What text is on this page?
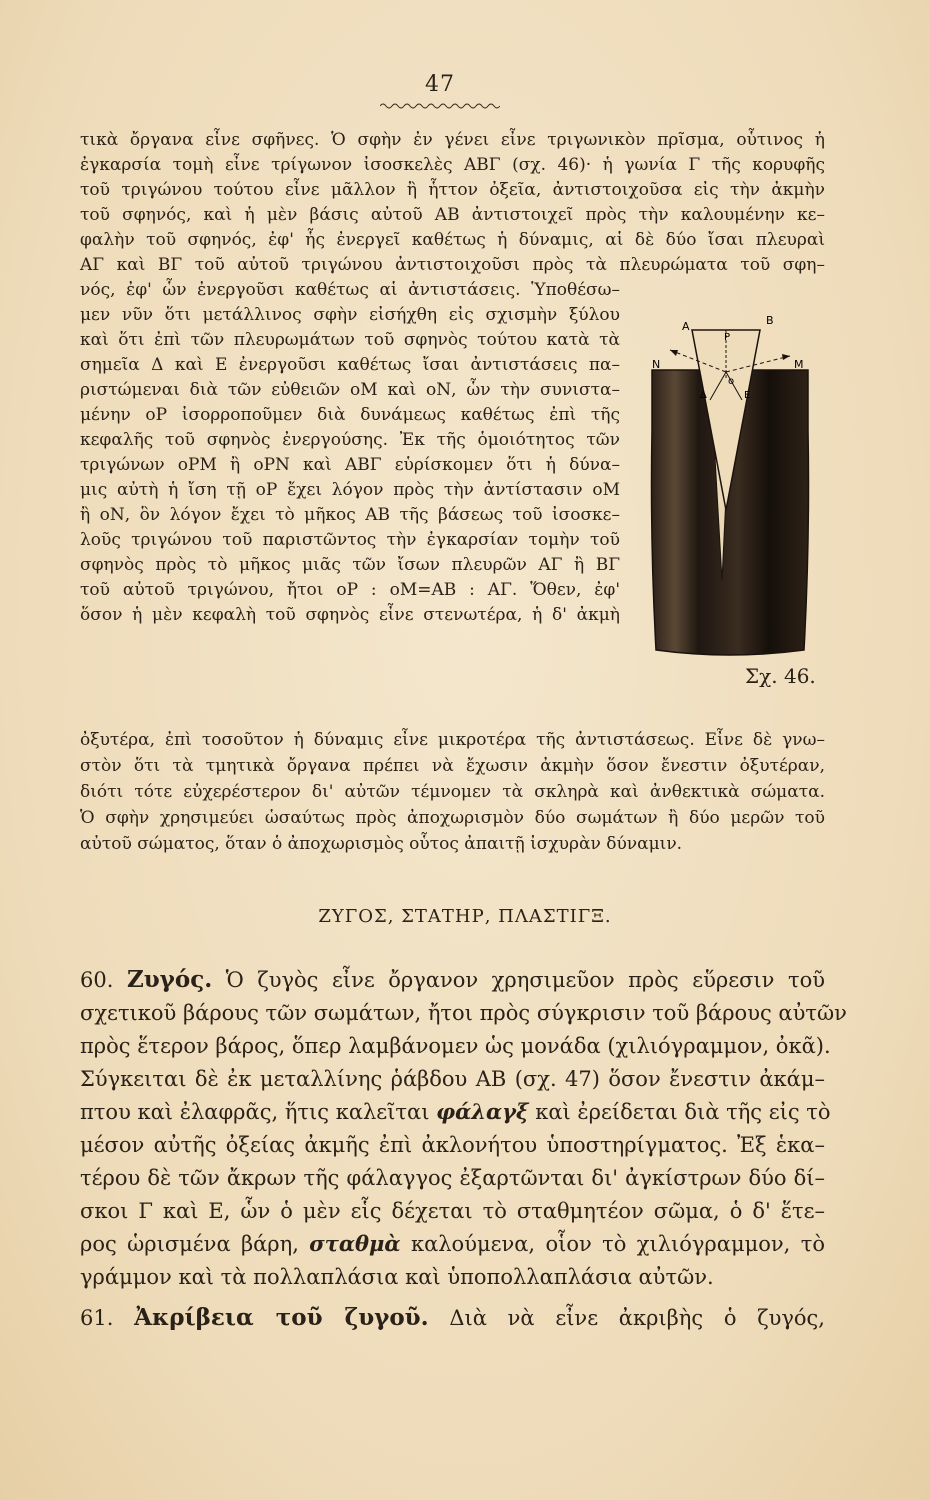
47
τικὰ ὄργανα εἶνε σφῆνες. Ὁ σφὴν ἐν γένει εἶνε τριγωνικὸν πρῖσμα, οὗτινος ἡ
ἐγκαρσία τομὴ εἶνε τρίγωνον ἰσοσκελὲς ΑΒΓ (σχ. 46)· ἡ γωνία Γ τῆς κορυφῆς
τοῦ τριγώνου τούτου εἶνε μᾶλλον ἢ ἧττον ὀξεῖα, ἀντιστοιχοῦσα εἰς τὴν ἀκμὴν
τοῦ σφηνός, καὶ ἡ μὲν βάσις αὐτοῦ ΑΒ ἀντιστοιχεῖ πρὸς τὴν καλουμένην κε–
φαλὴν τοῦ σφηνός, ἐφ' ἧς ἐνεργεῖ καθέτως ἡ δύναμις, αἱ δὲ δύο ἴσαι πλευραὶ
ΑΓ καὶ ΒΓ τοῦ αὐτοῦ τριγώνου ἀντιστοιχοῦσι πρὸς τὰ πλευρώματα τοῦ σφη–
νός, ἐφ' ὧν ἐνεργοῦσι καθέτως αἱ ἀντιστάσεις. Ὑποθέσω–
μεν νῦν ὅτι μετάλλινος σφὴν εἰσήχθη εἰς σχισμὴν ξύλου
καὶ ὅτι ἐπὶ τῶν πλευρωμάτων τοῦ σφηνὸς τούτου κατὰ τὰ
σημεῖα Δ καὶ Ε ἐνεργοῦσι καθέτως ἴσαι ἀντιστάσεις πα–
ριστώμεναι διὰ τῶν εὐθειῶν οΜ καὶ οΝ, ὧν τὴν συνιστα–
μένην οΡ ἰσορροποῦμεν διὰ δυνάμεως καθέτως ἐπὶ τῆς
κεφαλῆς τοῦ σφηνὸς ἐνεργούσης. Ἐκ τῆς ὁμοιότητος τῶν
τριγώνων οΡΜ ἢ οΡΝ καὶ ΑΒΓ εὑρίσκομεν ὅτι ἡ δύνα–
μις αὐτὴ ἡ ἴση τῇ οΡ ἔχει λόγον πρὸς τὴν ἀντίστασιν οΜ
ἢ οΝ, ὃν λόγον ἔχει τὸ μῆκος ΑΒ τῆς βάσεως τοῦ ἰσοσκε–
λοῦς τριγώνου τοῦ παριστῶντος τὴν ἐγκαρσίαν τομὴν τοῦ
σφηνὸς πρὸς τὸ μῆκος μιᾶς τῶν ἴσων πλευρῶν ΑΓ ἢ ΒΓ
τοῦ αὐτοῦ τριγώνου, ἤτοι οΡ : οΜ=ΑΒ : ΑΓ. Ὅθεν, ἐφ'
ὅσον ἡ μὲν κεφαλὴ τοῦ σφηνὸς εἶνε στενωτέρα, ἡ δ' ἀκμὴ
A
P
B
N	M
o
Δ	E
Σχ. 46.
ὀξυτέρα, ἐπὶ τοσοῦτον ἡ δύναμις εἶνε μικροτέρα τῆς ἀντιστάσεως. Εἶνε δὲ γνω–
στὸν ὅτι τὰ τμητικὰ ὄργανα πρέπει νὰ ἔχωσιν ἀκμὴν ὅσον ἔνεστιν ὀξυτέραν,
διότι τότε εὐχερέστερον δι' αὐτῶν τέμνομεν τὰ σκληρὰ καὶ ἀνθεκτικὰ σώματα.
Ὁ σφὴν χρησιμεύει ὡσαύτως πρὸς ἀποχωρισμὸν δύο σωμάτων ἢ δύο μερῶν τοῦ
αὐτοῦ σώματος, ὅταν ὁ ἀποχωρισμὸς οὗτος ἀπαιτῇ ἰσχυρὰν δύναμιν.
ΖΥΓΟΣ, ΣΤΑΤΗΡ, ΠΛΑΣΤΙΓΞ.
60. Ζυγός. Ὁ ζυγὸς εἶνε ὄργανον χρησιμεῦον πρὸς εὕρεσιν τοῦ
σχετικοῦ βάρους τῶν σωμάτων, ἤτοι πρὸς σύγκρισιν τοῦ βάρους αὐτῶν
πρὸς ἕτερον βάρος, ὅπερ λαμβάνομεν ὡς μονάδα (χιλιόγραμμον, ὀκᾶ).
Σύγκειται δὲ ἐκ μεταλλίνης ῥάβδου ΑΒ (σχ. 47) ὅσον ἔνεστιν ἀκάμ–
πτου καὶ ἐλαφρᾶς, ἥτις καλεῖται φάλαγξ καὶ ἐρείδεται διὰ τῆς εἰς τὸ
μέσον αὐτῆς ὀξείας ἀκμῆς ἐπὶ ἀκλονήτου ὑποστηρίγματος. Ἐξ ἑκα–
τέρου δὲ τῶν ἄκρων τῆς φάλαγγος ἐξαρτῶνται δι' ἀγκίστρων δύο δί–
σκοι Γ καὶ Ε, ὧν ὁ μὲν εἷς δέχεται τὸ σταθμητέον σῶμα, ὁ δ' ἕτε–
ρος ὡρισμένα βάρη, σταθμὰ καλούμενα, οἷον τὸ χιλιόγραμμον, τὸ
γράμμον καὶ τὰ πολλαπλάσια καὶ ὑποπολλαπλάσια αὐτῶν.
61. Ἀκρίβεια τοῦ ζυγοῦ. Διὰ νὰ εἶνε ἀκριβὴς ὁ ζυγός,
